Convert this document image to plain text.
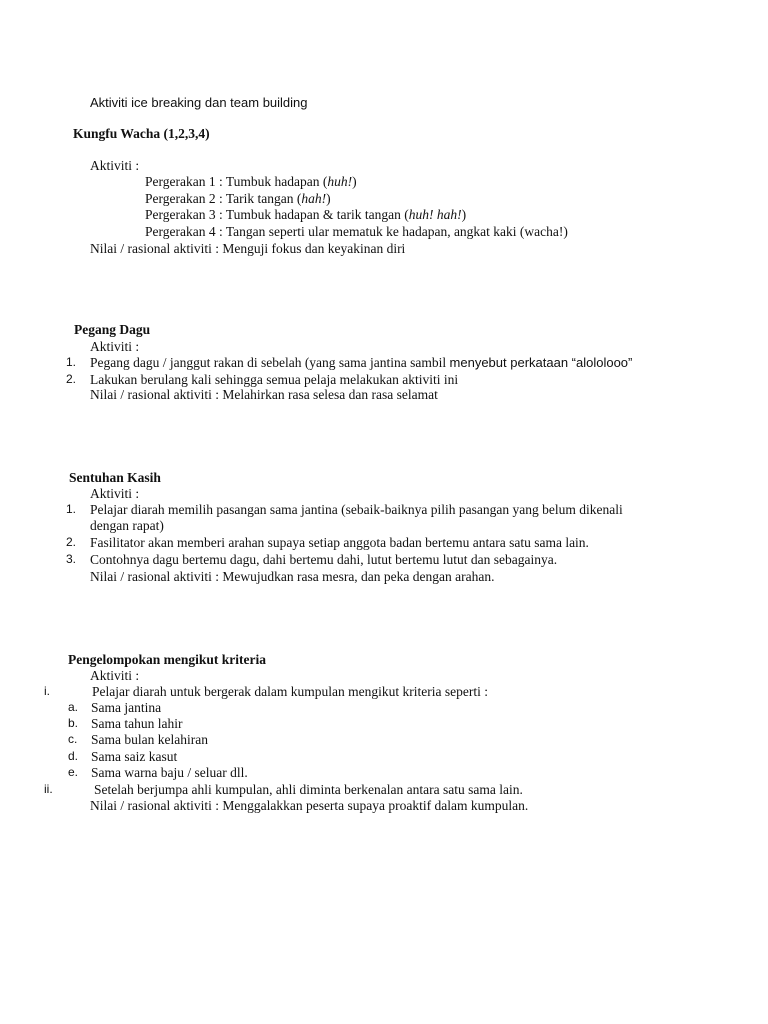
Aktiviti ice breaking dan team building
Kungfu Wacha (1,2,3,4)
Aktiviti :
Pergerakan 1 : Tumbuk hadapan (huh!)
Pergerakan 2 : Tarik tangan (hah!)
Pergerakan 3 : Tumbuk hadapan & tarik tangan (huh! hah!)
Pergerakan 4 : Tangan seperti ular mematuk ke hadapan, angkat kaki (wacha!)
Nilai / rasional aktiviti : Menguji fokus dan keyakinan diri
Pegang Dagu
Aktiviti :
1. Pegang dagu / janggut rakan di sebelah (yang sama jantina sambil menyebut perkataan “alololooo”
2. Lakukan berulang kali sehingga semua pelaja melakukan aktiviti ini
Nilai / rasional aktiviti : Melahirkan rasa selesa dan rasa selamat
Sentuhan Kasih
Aktiviti :
1. Pelajar diarah memilih pasangan sama jantina (sebaik-baiknya pilih pasangan yang belum dikenali
dengan rapat)
2. Fasilitator akan memberi arahan supaya setiap anggota badan bertemu antara satu sama lain.
3. Contohnya dagu bertemu dagu, dahi bertemu dahi, lutut bertemu lutut dan sebagainya.
Nilai / rasional aktiviti : Mewujudkan rasa mesra, dan peka dengan arahan.
Pengelompokan mengikut kriteria
Aktiviti :
i.	Pelajar diarah untuk bergerak dalam kumpulan mengikut kriteria seperti :
a. Sama jantina
b. Sama tahun lahir
c. Sama bulan kelahiran
d. Sama saiz kasut
e. Sama warna baju / seluar dll.
ii.	Setelah berjumpa ahli kumpulan, ahli diminta berkenalan antara satu sama lain.
Nilai / rasional aktiviti : Menggalakkan peserta supaya proaktif dalam kumpulan.
